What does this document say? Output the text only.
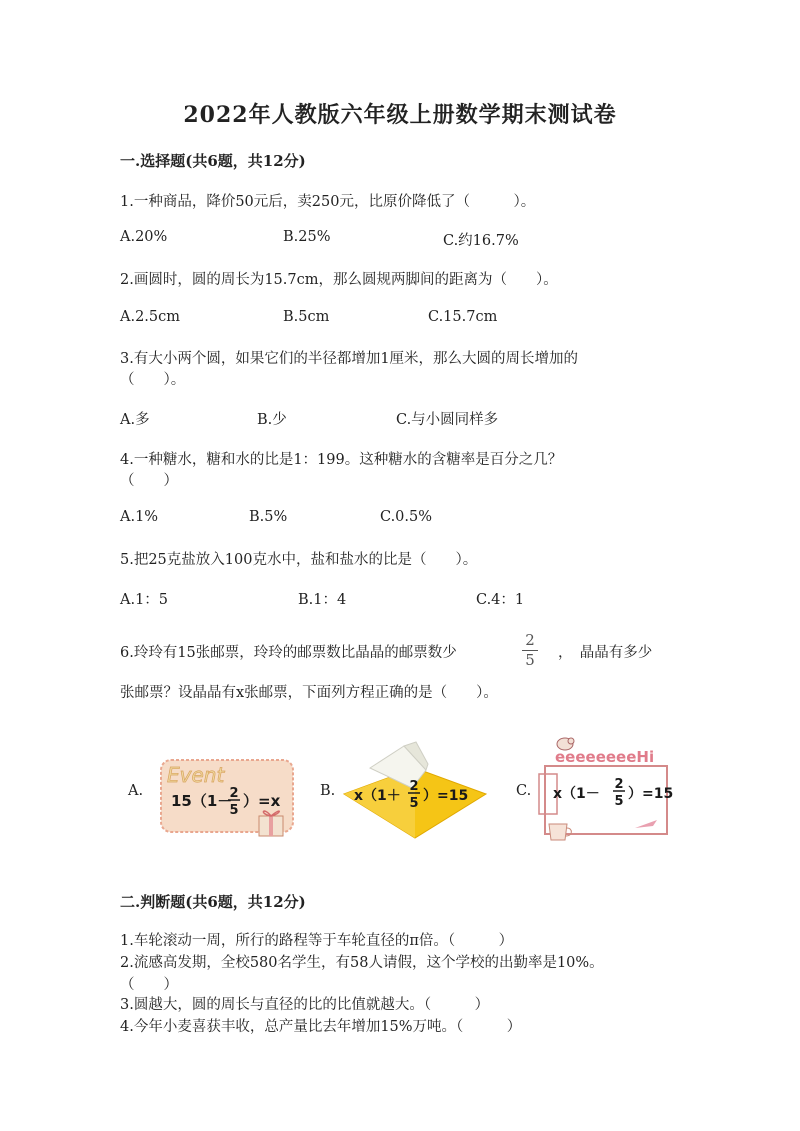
2022年人教版六年级上册数学期末测试卷
一.选择题(共6题，共12分)
1.一种商品，降价50元后，卖250元，比原价降低了（　　　）。
A.20%	B.25%	C.约16.7%
2.画圆时，圆的周长为15.7cm，那么圆规两脚间的距离为（　　）。
A.2.5cm	B.5cm	C.15.7cm
3.有大小两个圆，如果它们的半径都增加1厘米，那么大圆的周长增加的
（　　）。
A.多	B.少	C.与小圆同样多
4.一种糖水，糖和水的比是1：199。这种糖水的含糖率是百分之几？
（　　）
A.1%	B.5%	C.0.5%
5.把25克盐放入100克水中，盐和盐水的比是（　　）。
A.1：5	B.1：4	C.4：1
6.玲玲有15张邮票，玲玲的邮票数比晶晶的邮票数少
2
5	，　晶晶有多少
张邮票？设晶晶有x张邮票，下面列方程正确的是（　　）。
A.
Event
15（1－
2
5
）=x
B. x（1＋
2
5 ）=15	C.
eeeeeeeeHi
x（1－
2
5 ）=15
二.判断题(共6题，共12分)
1.车轮滚动一周，所行的路程等于车轮直径的π倍。（　　　）
2.流感高发期，全校580名学生，有58人请假，这个学校的出勤率是10%。
（　　）
3.圆越大，圆的周长与直径的比的比值就越大。（　　　）
4.今年小麦喜获丰收，总产量比去年增加15%万吨。（　　　）
